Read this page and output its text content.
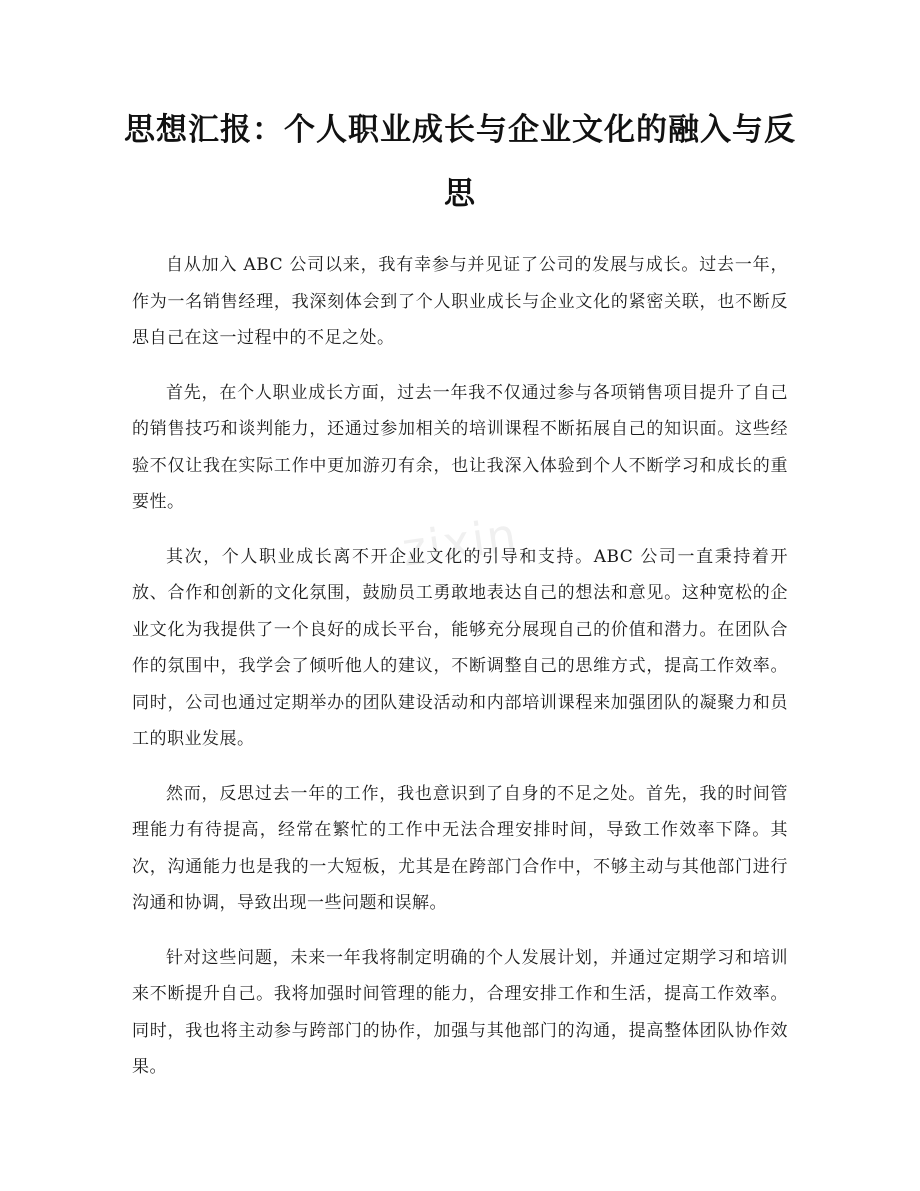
思想汇报：个人职业成长与企业文化的融入与反思

自从加入 ABC 公司以来，我有幸参与并见证了公司的发展与成长。过去一年，作为一名销售经理，我深刻体会到了个人职业成长与企业文化的紧密关联，也不断反思自己在这一过程中的不足之处。

首先，在个人职业成长方面，过去一年我不仅通过参与各项销售项目提升了自己的销售技巧和谈判能力，还通过参加相关的培训课程不断拓展自己的知识面。这些经验不仅让我在实际工作中更加游刃有余，也让我深入体验到个人不断学习和成长的重要性。

其次，个人职业成长离不开企业文化的引导和支持。ABC 公司一直秉持着开放、合作和创新的文化氛围，鼓励员工勇敢地表达自己的想法和意见。这种宽松的企业文化为我提供了一个良好的成长平台，能够充分展现自己的价值和潜力。在团队合作的氛围中，我学会了倾听他人的建议，不断调整自己的思维方式，提高工作效率。同时，公司也通过定期举办的团队建设活动和内部培训课程来加强团队的凝聚力和员工的职业发展。

然而，反思过去一年的工作，我也意识到了自身的不足之处。首先，我的时间管理能力有待提高，经常在繁忙的工作中无法合理安排时间，导致工作效率下降。其次，沟通能力也是我的一大短板，尤其是在跨部门合作中，不够主动与其他部门进行沟通和协调，导致出现一些问题和误解。

针对这些问题，未来一年我将制定明确的个人发展计划，并通过定期学习和培训来不断提升自己。我将加强时间管理的能力，合理安排工作和生活，提高工作效率。同时，我也将主动参与跨部门的协作，加强与其他部门的沟通，提高整体团队协作效果。

zixin
